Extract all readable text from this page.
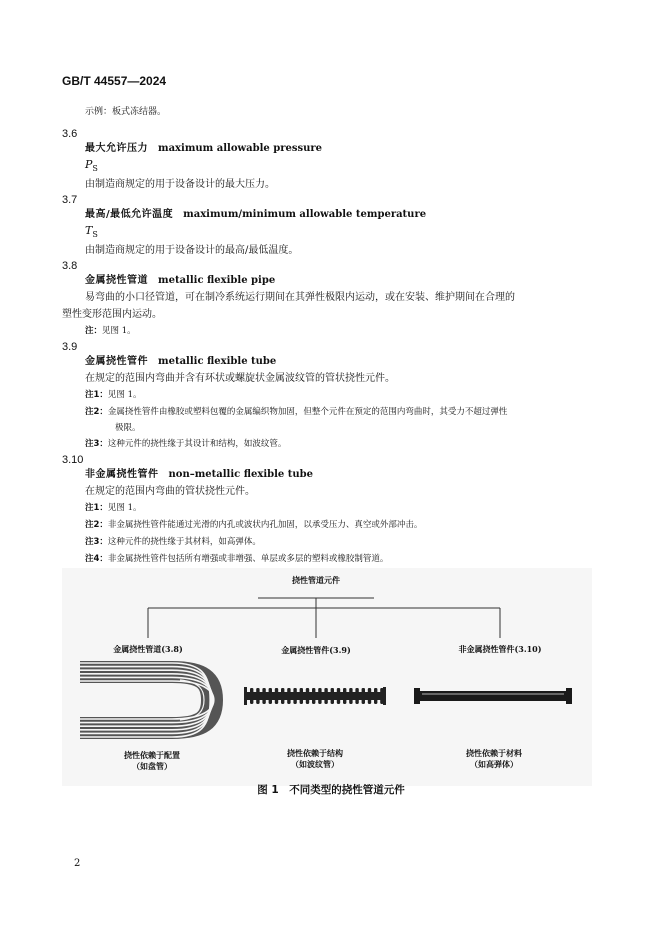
GB/T 44557—2024
示例：板式冻结器。
3.6
最大允许压力 maximum allowable pressure
$P_S$
由制造商规定的用于设备设计的最大压力。
3.7
最高/最低允许温度 maximum/minimum allowable temperature
$T_S$
由制造商规定的用于设备设计的最高/最低温度。
3.8
金属挠性管道 metallic flexible pipe
易弯曲的小口径管道，可在制冷系统运行期间在其弹性极限内运动，或在安装、维护期间在合理的
塑性变形范围内运动。
注：见图 1。
3.9
金属挠性管件 metallic flexible tube
在规定的范围内弯曲并含有环状或螺旋状金属波纹管的管状挠性元件。
注1：见图 1。
注2：金属挠性管件由橡胶或塑料包覆的金属编织物加固，但整个元件在预定的范围内弯曲时，其受力不超过弹性
极限。
注3：这种元件的挠性缘于其设计和结构，如波纹管。
3.10
非金属挠性管件 non–metallic flexible tube
在规定的范围内弯曲的管状挠性元件。
注1：见图 1。
注2：非金属挠性管件能通过光滑的内孔或波状内孔加固，以承受压力、真空或外部冲击。
注3：这种元件的挠性缘于其材料，如高弹体。
注4：非金属挠性管件包括所有增强或非增强、单层或多层的塑料或橡胶制管道。
挠性管道元件
金属挠性管道(3.8)	金属挠性管件(3.9)	非金属挠性管件(3.10)
挠性依赖于配置
（如盘管）
挠性依赖于结构
（如波纹管）
挠性依赖于材料
（如高弹体）
图 1　不同类型的挠性管道元件
2
